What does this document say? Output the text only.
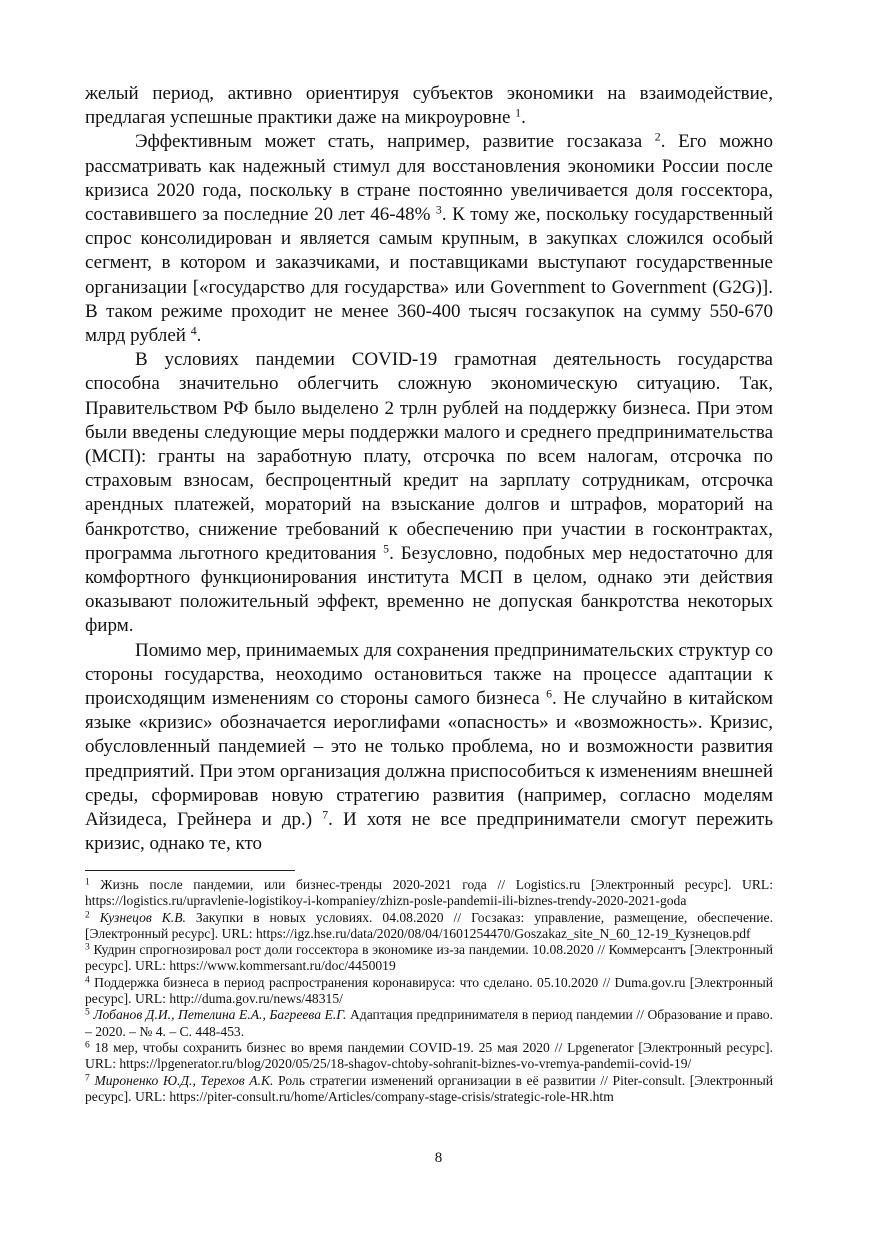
желый период, активно ориентируя субъектов экономики на взаимодействие, предлагая успешные практики даже на микроуровне $^1$.

Эффективным может стать, например, развитие госзаказа $^2$. Его можно рассматривать как надежный стимул для восстановления экономики России после кризиса 2020 года, поскольку в стране постоянно увеличивается доля госсектора, составившего за последние 20 лет 46-48% $^3$. К тому же, поскольку государственный спрос консолидирован и является самым крупным, в закупках сложился особый сегмент, в котором и заказчиками, и поставщиками выступают государственные организации [«государство для государства» или Government to Government (G2G)]. В таком режиме проходит не менее 360-400 тысяч госзакупок на сумму 550-670 млрд рублей $^4$.

В условиях пандемии COVID-19 грамотная деятельность государства способна значительно облегчить сложную экономическую ситуацию. Так, Правительством РФ было выделено 2 трлн рублей на поддержку бизнеса. При этом были введены следующие меры поддержки малого и среднего предпринимательства (МСП): гранты на заработную плату, отсрочка по всем налогам, отсрочка по страховым взносам, беспроцентный кредит на зарплату сотрудникам, отсрочка арендных платежей, мораторий на взыскание долгов и штрафов, мораторий на банкротство, снижение требований к обеспечению при участии в госконтрактах, программа льготного кредитования $^5$. Безусловно, подобных мер недостаточно для комфортного функционирования института МСП в целом, однако эти действия оказывают положительный эффект, временно не допуская банкротства некоторых фирм.

Помимо мер, принимаемых для сохранения предпринимательских структур со стороны государства, неоходимо остановиться также на процессе адаптации к происходящим изменениям со стороны самого бизнеса $^6$. Не случайно в китайском языке «кризис» обозначается иероглифами «опасность» и «возможность». Кризис, обусловленный пандемией – это не только проблема, но и возможности развития предприятий. При этом организация должна приспособиться к изменениям внешней среды, сформировав новую стратегию развития (например, согласно моделям Айзидеса, Грейнера и др.) $^7$. И хотя не все предприниматели смогут пережить кризис, однако те, кто

$^1$ Жизнь после пандемии, или бизнес-тренды 2020-2021 года // Logistics.ru [Электронный ресурс]. URL: https://logistics.ru/upravlenie-logistikoy-i-kompaniey/zhizn-posle-pandemii-ili-biznes-trendy-2020-2021-goda

$^2$ Кузнецов К.В. Закупки в новых условиях. 04.08.2020 // Госзаказ: управление, размещение, обеспечение. [Электронный ресурс]. URL: https://igz.hse.ru/data/2020/08/04/1601254470/Goszakaz_site_N_60_12-19_Кузнецов.pdf

$^3$ Кудрин спрогнозировал рост доли госсектора в экономике из-за пандемии. 10.08.2020 // Коммерсантъ [Электронный ресурс]. URL: https://www.kommersant.ru/doc/4450019

$^4$ Поддержка бизнеса в период распространения коронавируса: что сделано. 05.10.2020 // Duma.gov.ru [Электронный ресурс]. URL: http://duma.gov.ru/news/48315/

$^5$ Лобанов Д.И., Петелина Е.А., Багреева Е.Г. Адаптация предпринимателя в период пандемии // Образование и право. – 2020. – № 4. – С. 448-453.

$^6$ 18 мер, чтобы сохранить бизнес во время пандемии COVID-19. 25 мая 2020 // Lpgenerator [Электронный ресурс]. URL: https://lpgenerator.ru/blog/2020/05/25/18-shagov-chtoby-sohranit-biznes-vo-vremya-pandemii-covid-19/

$^7$ Мироненко Ю.Д., Терехов А.К. Роль стратегии изменений организации в её развитии // Piter-consult. [Электронный ресурс]. URL: https://piter-consult.ru/home/Articles/company-stage-crisis/strategic-role-HR.htm

8
